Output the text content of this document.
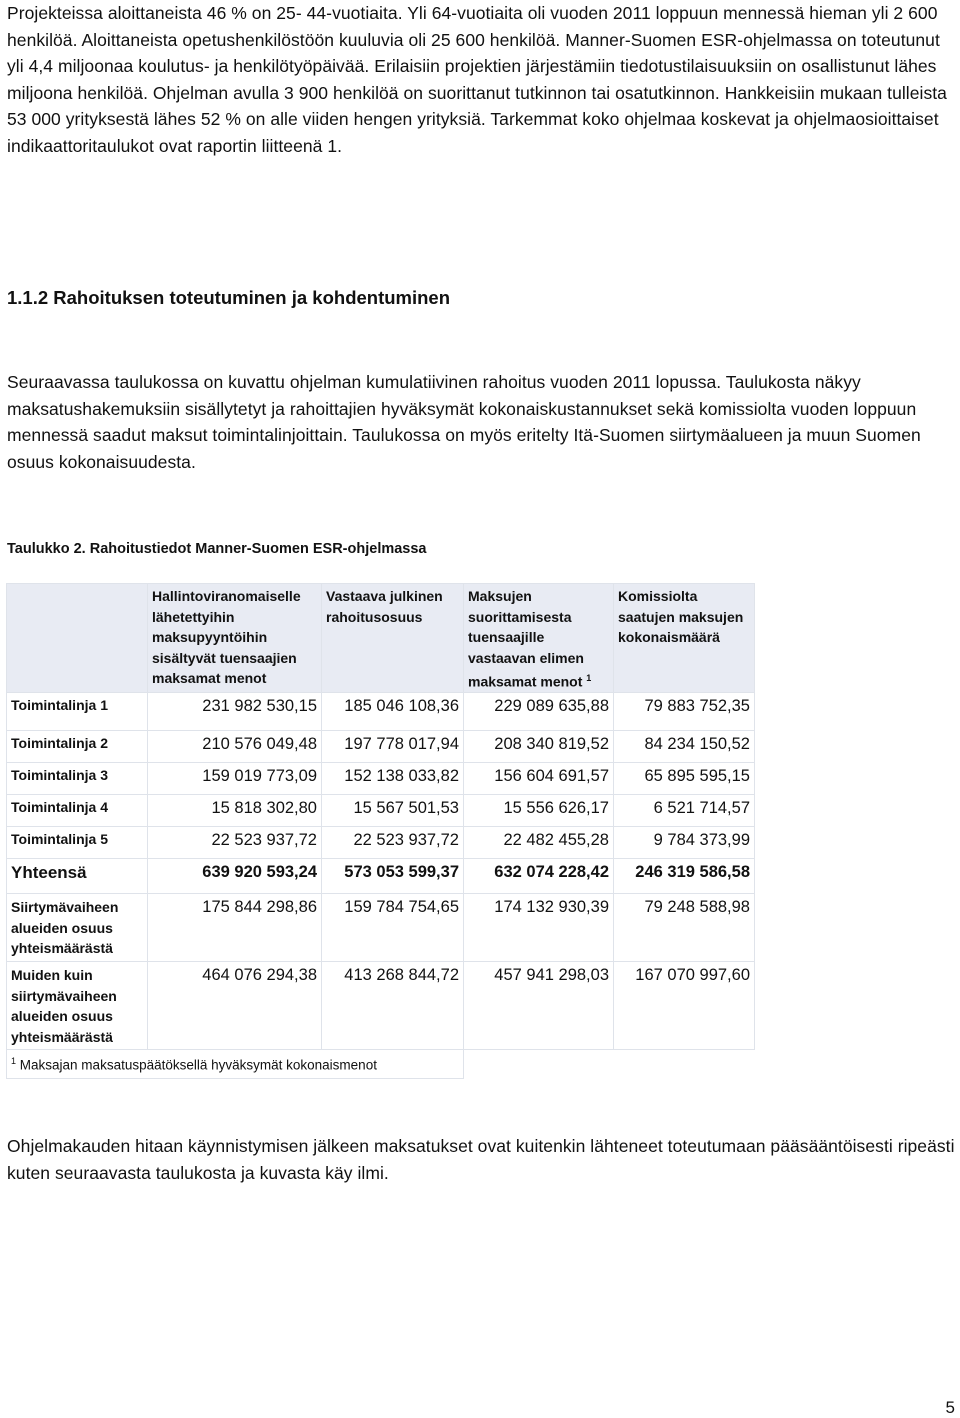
Projekteissa aloittaneista 46 % on 25- 44-vuotiaita. Yli 64-vuotiaita oli vuoden 2011 loppuun mennessä hieman yli 2 600 henkilöä. Aloittaneista opetushenkilöstöön kuuluvia oli 25 600 henkilöä. Manner-Suomen ESR-ohjelmassa on toteutunut yli 4,4 miljoonaa koulutus- ja henkilötyöpäivää. Erilaisiin projektien järjestämiin tiedotustilaisuuksiin on osallistunut lähes miljoona henkilöä. Ohjelman avulla 3 900 henkilöä on suorittanut tutkinnon tai osatutkinnon. Hankkeisiin mukaan tulleista 53 000 yrityksestä lähes 52 % on alle viiden hengen yrityksiä. Tarkemmat koko ohjelmaa koskevat ja ohjelmaosioittaiset indikaattoritaulukot ovat raportin liitteenä 1.

1.1.2 Rahoituksen toteutuminen ja kohdentuminen

Seuraavassa taulukossa on kuvattu ohjelman kumulatiivinen rahoitus vuoden 2011 lopussa. Taulukosta näkyy maksatushakemuksiin sisällytetyt ja rahoittajien hyväksymät kokonaiskustannukset sekä komissiolta vuoden loppuun mennessä saadut maksut toimintalinjoittain. Taulukossa on myös eritelty Itä-Suomen siirtymäalueen ja muun Suomen osuus kokonaisuudesta.

Taulukko 2. Rahoitustiedot Manner-Suomen ESR-ohjelmassa
	Hallintoviranomaiselle lähetettyihin maksupyyntöihin sisältyvät tuensaajien maksamat menot	Vastaava julkinen rahoitusosuus	Maksujen suorittamisesta tuensaajille vastaavan elimen maksamat menot $^1$	Komissiolta saatujen maksujen kokonaismäärä
Toimintalinja 1	231 982 530,15	185 046 108,36	229 089 635,88	79 883 752,35
Toimintalinja 2	210 576 049,48	197 778 017,94	208 340 819,52	84 234 150,52
Toimintalinja 3	159 019 773,09	152 138 033,82	156 604 691,57	65 895 595,15
Toimintalinja 4	15 818 302,80	15 567 501,53	15 556 626,17	6 521 714,57
Toimintalinja 5	22 523 937,72	22 523 937,72	22 482 455,28	9 784 373,99
Yhteensä	639 920 593,24	573 053 599,37	632 074 228,42	246 319 586,58
Siirtymävaiheen alueiden osuus yhteismäärästä	175 844 298,86	159 784 754,65	174 132 930,39	79 248 588,98
Muiden kuin siirtymävaiheen alueiden osuus yhteismäärästä	464 076 294,38	413 268 844,72	457 941 298,03	167 070 997,60
$^1$ Maksajan maksatuspäätöksellä hyväksymät kokonaismenot				

Ohjelmakauden hitaan käynnistymisen jälkeen maksatukset ovat kuitenkin lähteneet toteutumaan pääsääntöisesti ripeästi kuten seuraavasta taulukosta ja kuvasta käy ilmi.

5
